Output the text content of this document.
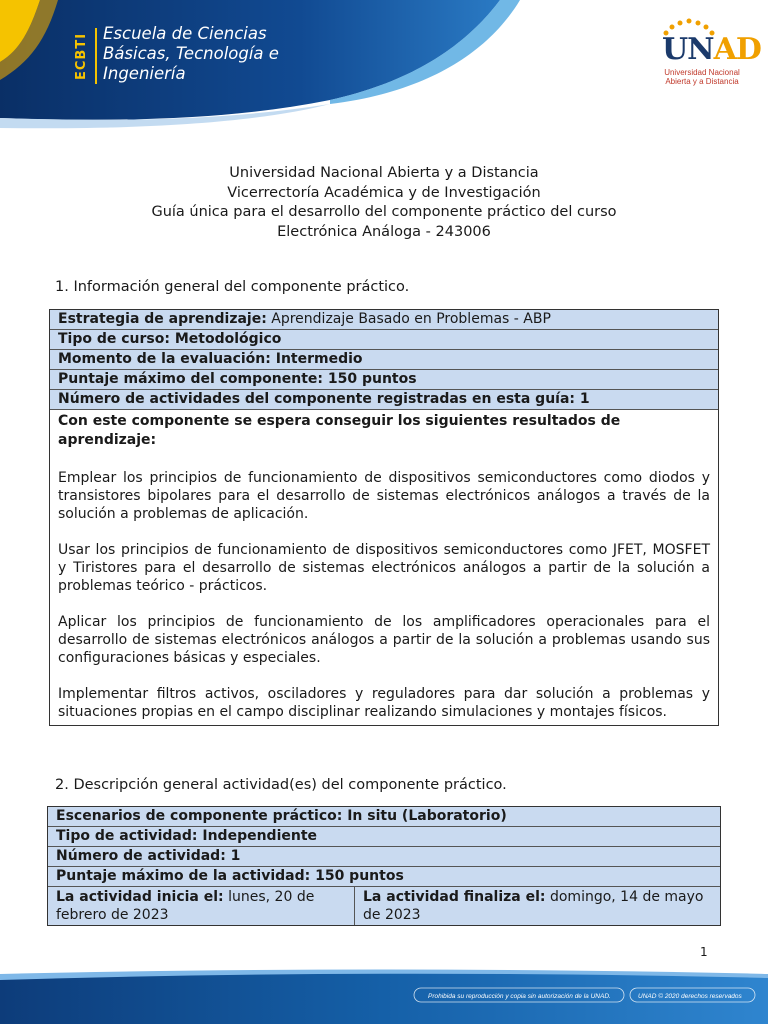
ECBTI Escuela de Ciencias
Básicas, Tecnología e
Ingeniería
UNAD
Universidad Nacional
Abierta y a Distancia
Universidad Nacional Abierta y a Distancia
Vicerrectoría Académica y de Investigación
Guía única para el desarrollo del componente práctico del curso
Electrónica Análoga - 243006
1. Información general del componente práctico.
Estrategia de aprendizaje: Aprendizaje Basado en Problemas - ABP
Tipo de curso: Metodológico
Momento de la evaluación: Intermedio
Puntaje máximo del componente: 150 puntos
Número de actividades del componente registradas en esta guía: 1
Con este componente se espera conseguir los siguientes resultados de aprendizaje:

Emplear los principios de funcionamiento de dispositivos semiconductores como diodos y transistores bipolares para el desarrollo de sistemas electrónicos análogos a través de la solución a problemas de aplicación.

Usar los principios de funcionamiento de dispositivos semiconductores como JFET, MOSFET y Tiristores para el desarrollo de sistemas electrónicos análogos a partir de la solución a problemas teórico - prácticos.

Aplicar los principios de funcionamiento de los amplificadores operacionales para el desarrollo de sistemas electrónicos análogos a partir de la solución a problemas usando sus configuraciones básicas y especiales.

Implementar filtros activos, osciladores y reguladores para dar solución a problemas y situaciones propias en el campo disciplinar realizando simulaciones y montajes físicos.

2. Descripción general actividad(es) del componente práctico.
Escenarios de componente práctico: In situ (Laboratorio)
Tipo de actividad: Independiente
Número de actividad: 1
Puntaje máximo de la actividad: 150 puntos
La actividad inicia el: lunes, 20 de febrero de 2023
La actividad finaliza el: domingo, 14 de mayo de 2023
1
Prohibida su reproducción y copia sin autorización de la UNAD.	UNAD © 2020 derechos reservados
